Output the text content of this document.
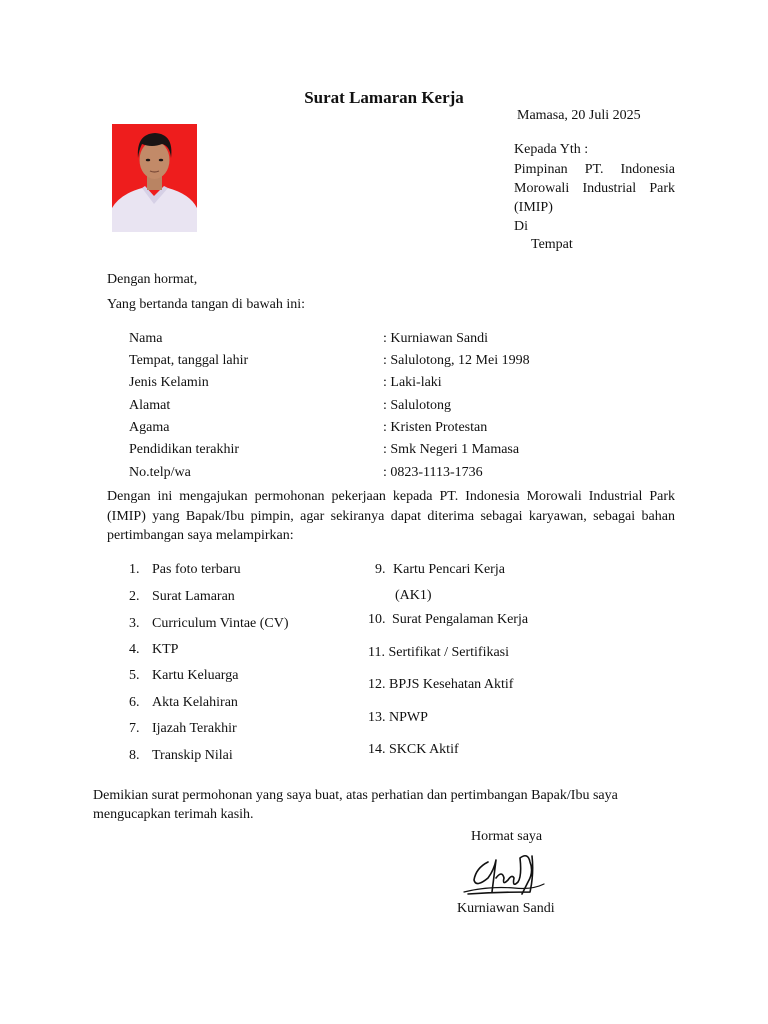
Surat Lamaran Kerja
Mamasa, 20 Juli 2025
Kepada Yth :
Pimpinan PT. Indonesia
Morowali Industrial Park
(IMIP)
Di
Tempat
Dengan hormat,
Yang bertanda tangan di bawah ini:
Nama	: Kurniawan Sandi
Tempat, tanggal lahir	: Salulotong, 12 Mei 1998
Jenis Kelamin	: Laki-laki
Alamat	: Salulotong
Agama	: Kristen Protestan
Pendidikan terakhir	: Smk Negeri 1 Mamasa
No.telp/wa	: 0823-1113-1736
Dengan ini mengajukan permohonan pekerjaan kepada PT. Indonesia Morowali Industrial Park (IMIP) yang Bapak/Ibu pimpin, agar sekiranya dapat diterima sebagai karyawan, sebagai bahan pertimbangan saya melampirkan:
1. Pas foto terbaru
2. Surat Lamaran
3. Curriculum Vintae (CV)
4. KTP
5. Kartu Keluarga
6. Akta Kelahiran
7. Ijazah Terakhir
8. Transkip Nilai
9. Kartu Pencari Kerja
(AK1)
10. Surat Pengalaman Kerja
11. Sertifikat / Sertifikasi
12. BPJS Kesehatan Aktif
13. NPWP
14. SKCK Aktif
Demikian surat permohonan yang saya buat, atas perhatian dan pertimbangan Bapak/Ibu saya mengucapkan terimah kasih.
Hormat saya
Kurniawan Sandi
